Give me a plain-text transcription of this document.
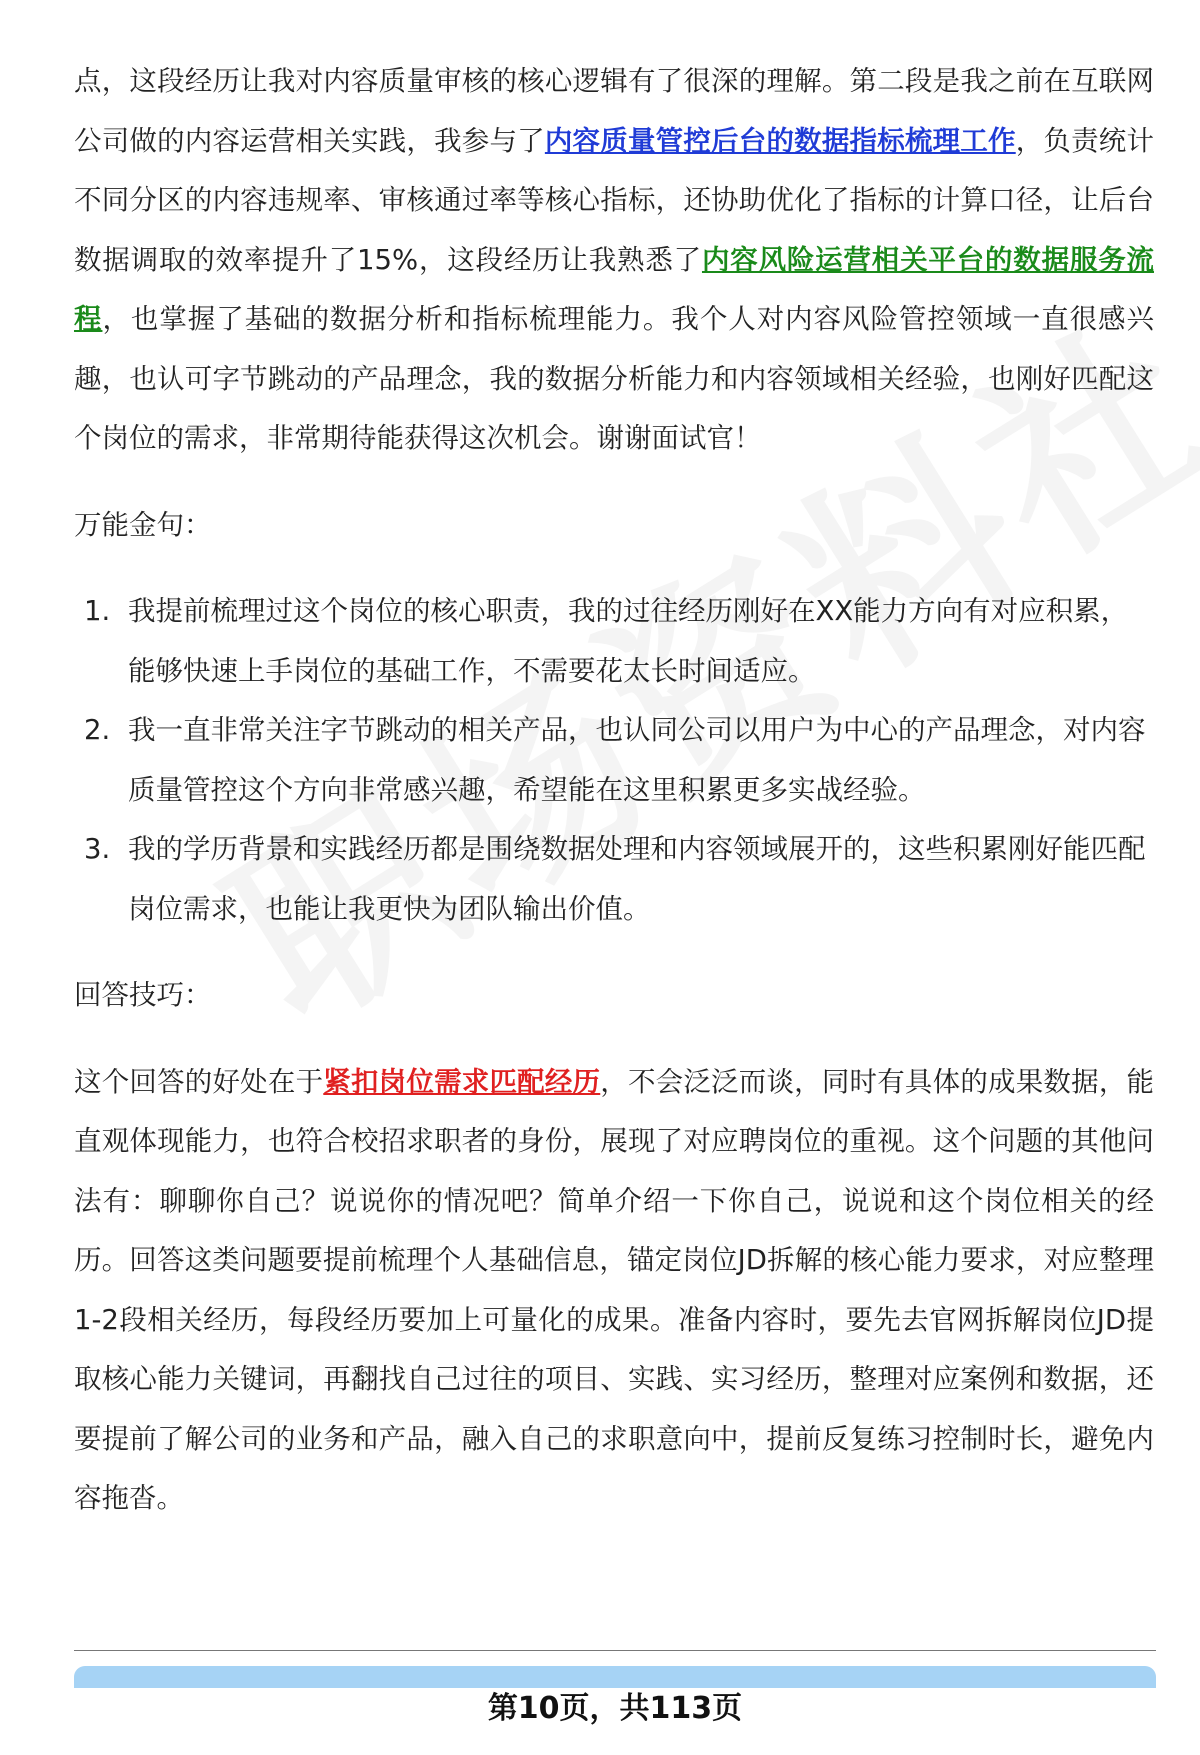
点，这段经历让我对内容质量审核的核心逻辑有了很深的理解。第二段是我之前在互联网公司做的内容运营相关实践，我参与了内容质量管控后台的数据指标梳理工作，负责统计不同分区的内容违规率、审核通过率等核心指标，还协助优化了指标的计算口径，让后台数据调取的效率提升了15%，这段经历让我熟悉了内容风险运营相关平台的数据服务流程，也掌握了基础的数据分析和指标梳理能力。我个人对内容风险管控领域一直很感兴趣，也认可字节跳动的产品理念，我的数据分析能力和内容领域相关经验，也刚好匹配这个岗位的需求，非常期待能获得这次机会。谢谢面试官！

万能金句：

1. 我提前梳理过这个岗位的核心职责，我的过往经历刚好在XX能力方向有对应积累，能够快速上手岗位的基础工作，不需要花太长时间适应。
2. 我一直非常关注字节跳动的相关产品，也认同公司以用户为中心的产品理念，对内容质量管控这个方向非常感兴趣，希望能在这里积累更多实战经验。
3. 我的学历背景和实践经历都是围绕数据处理和内容领域展开的，这些积累刚好能匹配岗位需求，也能让我更快为团队输出价值。

回答技巧：

这个回答的好处在于紧扣岗位需求匹配经历，不会泛泛而谈，同时有具体的成果数据，能直观体现能力，也符合校招求职者的身份，展现了对应聘岗位的重视。这个问题的其他问法有：聊聊你自己？说说你的情况吧？简单介绍一下你自己，说说和这个岗位相关的经历。回答这类问题要提前梳理个人基础信息，锚定岗位JD拆解的核心能力要求，对应整理1-2段相关经历，每段经历要加上可量化的成果。准备内容时，要先去官网拆解岗位JD提取核心能力关键词，再翻找自己过往的项目、实践、实习经历，整理对应案例和数据，还要提前了解公司的业务和产品，融入自己的求职意向中，提前反复练习控制时长，避免内容拖沓。

第10页，共113页
